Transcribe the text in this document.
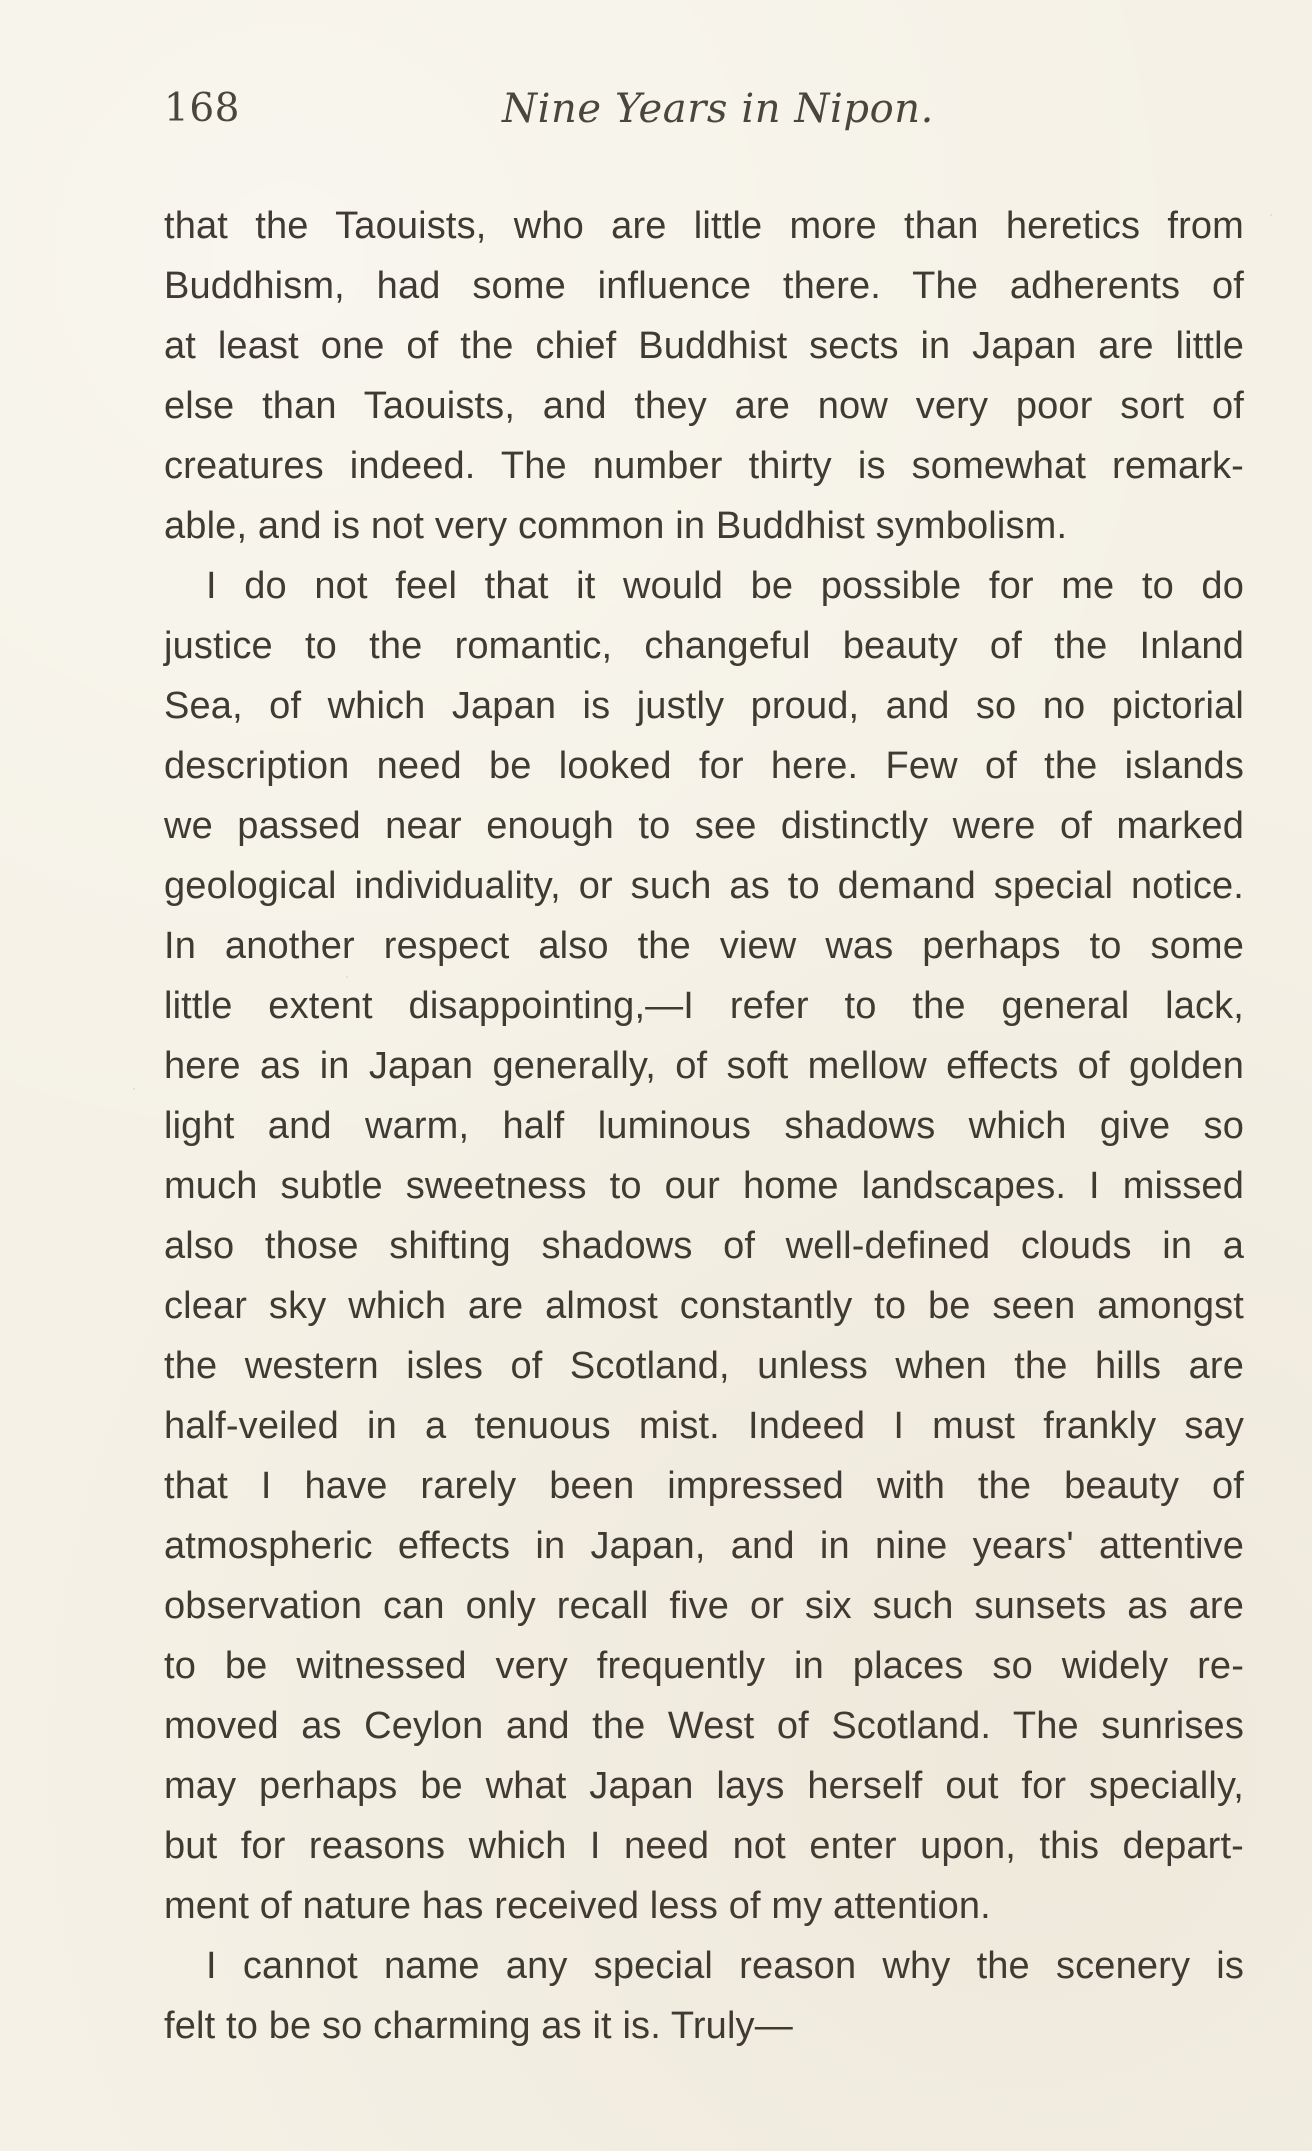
168	Nine Years in Nipon.
that the Taouists, who are little more than heretics from
Buddhism, had some influence there. The adherents of
at least one of the chief Buddhist sects in Japan are little
else than Taouists, and they are now very poor sort of
creatures indeed. The number thirty is somewhat remark-
able, and is not very common in Buddhist symbolism.
I do not feel that it would be possible for me to do
justice to the romantic, changeful beauty of the Inland
Sea, of which Japan is justly proud, and so no pictorial
description need be looked for here. Few of the islands
we passed near enough to see distinctly were of marked
geological individuality, or such as to demand special notice.
In another respect also the view was perhaps to some
little extent disappointing,—I refer to the general lack,
here as in Japan generally, of soft mellow effects of golden
light and warm, half luminous shadows which give so
much subtle sweetness to our home landscapes. I missed
also those shifting shadows of well-defined clouds in a
clear sky which are almost constantly to be seen amongst
the western isles of Scotland, unless when the hills are
half-veiled in a tenuous mist. Indeed I must frankly say
that I have rarely been impressed with the beauty of
atmospheric effects in Japan, and in nine years' attentive
observation can only recall five or six such sunsets as are
to be witnessed very frequently in places so widely re-
moved as Ceylon and the West of Scotland. The sunrises
may perhaps be what Japan lays herself out for specially,
but for reasons which I need not enter upon, this depart-
ment of nature has received less of my attention.
I cannot name any special reason why the scenery is
felt to be so charming as it is. Truly—
